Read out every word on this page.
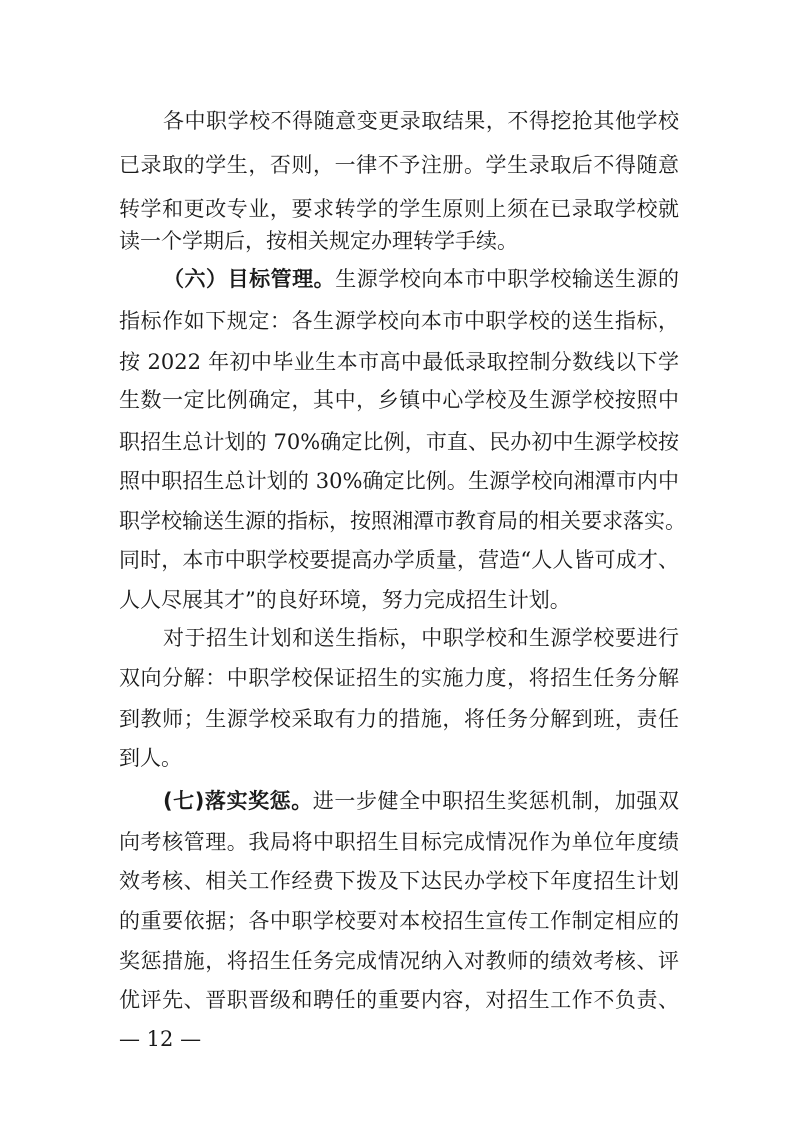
各中职学校不得随意变更录取结果，不得挖抢其他学校
已录取的学生，否则，一律不予注册。学生录取后不得随意
转学和更改专业，要求转学的学生原则上须在已录取学校就
读一个学期后，按相关规定办理转学手续。
（六）目标管理。生源学校向本市中职学校输送生源的
指标作如下规定：各生源学校向本市中职学校的送生指标，
按 2022 年初中毕业生本市高中最低录取控制分数线以下学
生数一定比例确定，其中，乡镇中心学校及生源学校按照中
职招生总计划的 70%确定比例，市直、民办初中生源学校按
照中职招生总计划的 30%确定比例。生源学校向湘潭市内中
职学校输送生源的指标，按照湘潭市教育局的相关要求落实。
同时，本市中职学校要提高办学质量，营造“人人皆可成才、
人人尽展其才”的良好环境，努力完成招生计划。
对于招生计划和送生指标，中职学校和生源学校要进行
双向分解：中职学校保证招生的实施力度，将招生任务分解
到教师；生源学校采取有力的措施，将任务分解到班，责任
到人。
(七)落实奖惩。进一步健全中职招生奖惩机制，加强双
向考核管理。我局将中职招生目标完成情况作为单位年度绩
效考核、相关工作经费下拨及下达民办学校下年度招生计划
的重要依据；各中职学校要对本校招生宣传工作制定相应的
奖惩措施，将招生任务完成情况纳入对教师的绩效考核、评
优评先、晋职晋级和聘任的重要内容，对招生工作不负责、
— 12 —
